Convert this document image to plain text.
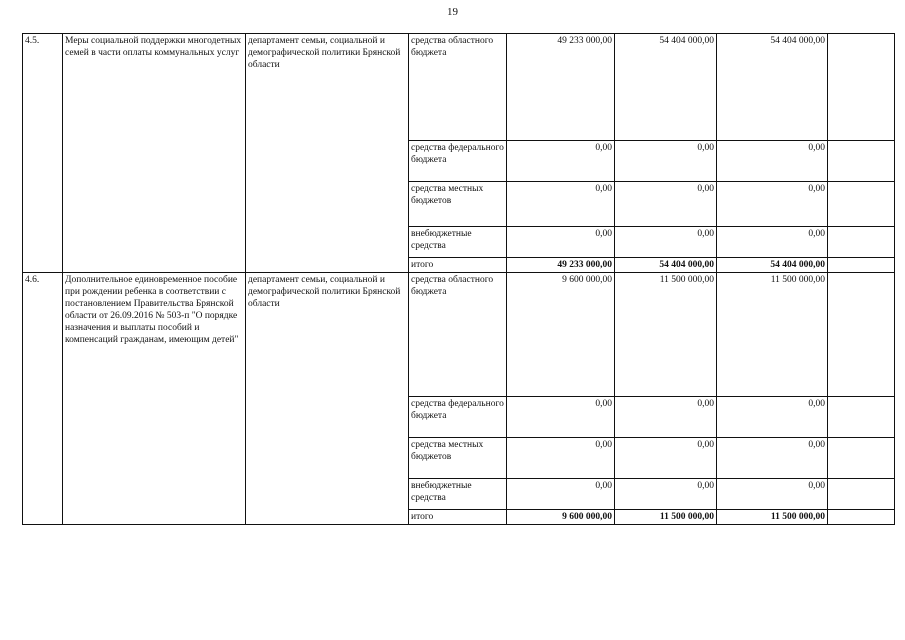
19
4.5.	Меры социальной поддержки многодетных семей в части оплаты коммунальных услуг	департамент семьи, социальной и демографической политики Брянской области	средства областного бюджета	49 233 000,00	54 404 000,00	54 404 000,00	
			средства федерального бюджета	0,00	0,00	0,00	
			средства местных бюджетов	0,00	0,00	0,00	
			внебюджетные средства	0,00	0,00	0,00	
			итого	49 233 000,00	54 404 000,00	54 404 000,00	
4.6.	Дополнительное единовременное пособие при рождении ребенка в соответствии с постановлением Правительства Брянской области от 26.09.2016 № 503-п "О порядке назначения и выплаты пособий и компенсаций гражданам, имеющим детей"	департамент семьи, социальной и демографической политики Брянской области	средства областного бюджета	9 600 000,00	11 500 000,00	11 500 000,00	
			средства федерального бюджета	0,00	0,00	0,00	
			средства местных бюджетов	0,00	0,00	0,00	
			внебюджетные средства	0,00	0,00	0,00	
			итого	9 600 000,00	11 500 000,00	11 500 000,00	
